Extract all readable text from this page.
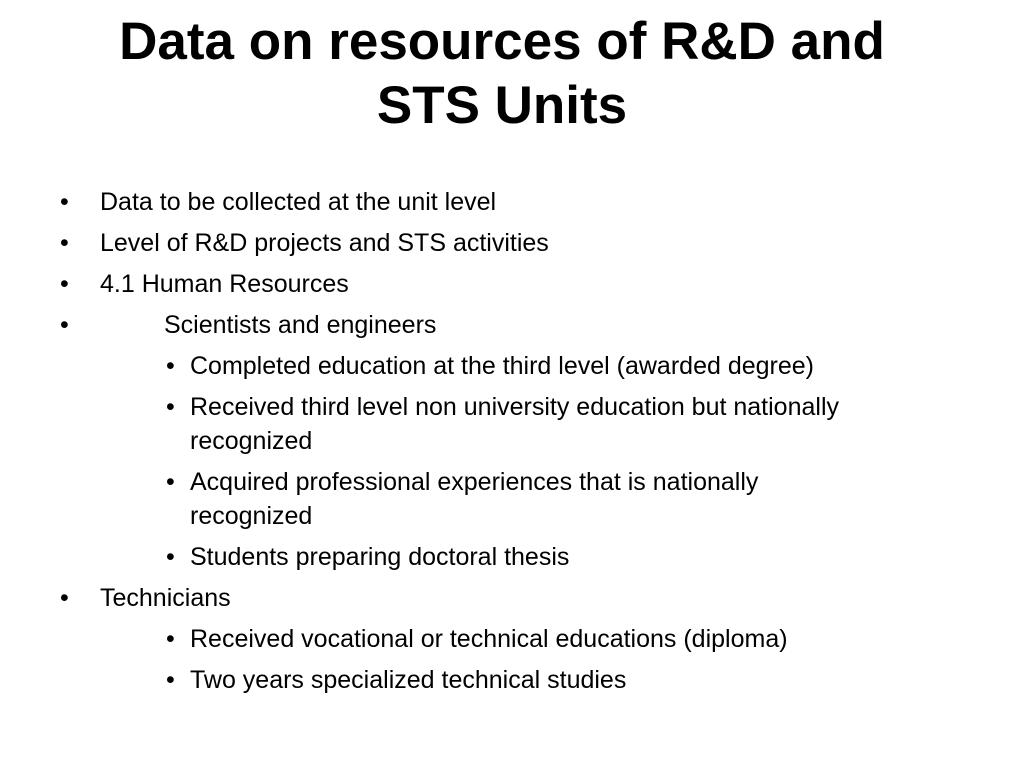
Data on resources of R&D and
STS Units
• Data to be collected at the unit level
• Level of R&D projects and STS activities
• 4.1 Human Resources
•	Scientists and engineers
• Completed education at the third level (awarded degree)
• Received third level non university education but nationally
recognized
• Acquired professional experiences that is nationally
recognized
• Students preparing doctoral thesis
• Technicians
• Received vocational or technical educations (diploma)
• Two years specialized technical studies
